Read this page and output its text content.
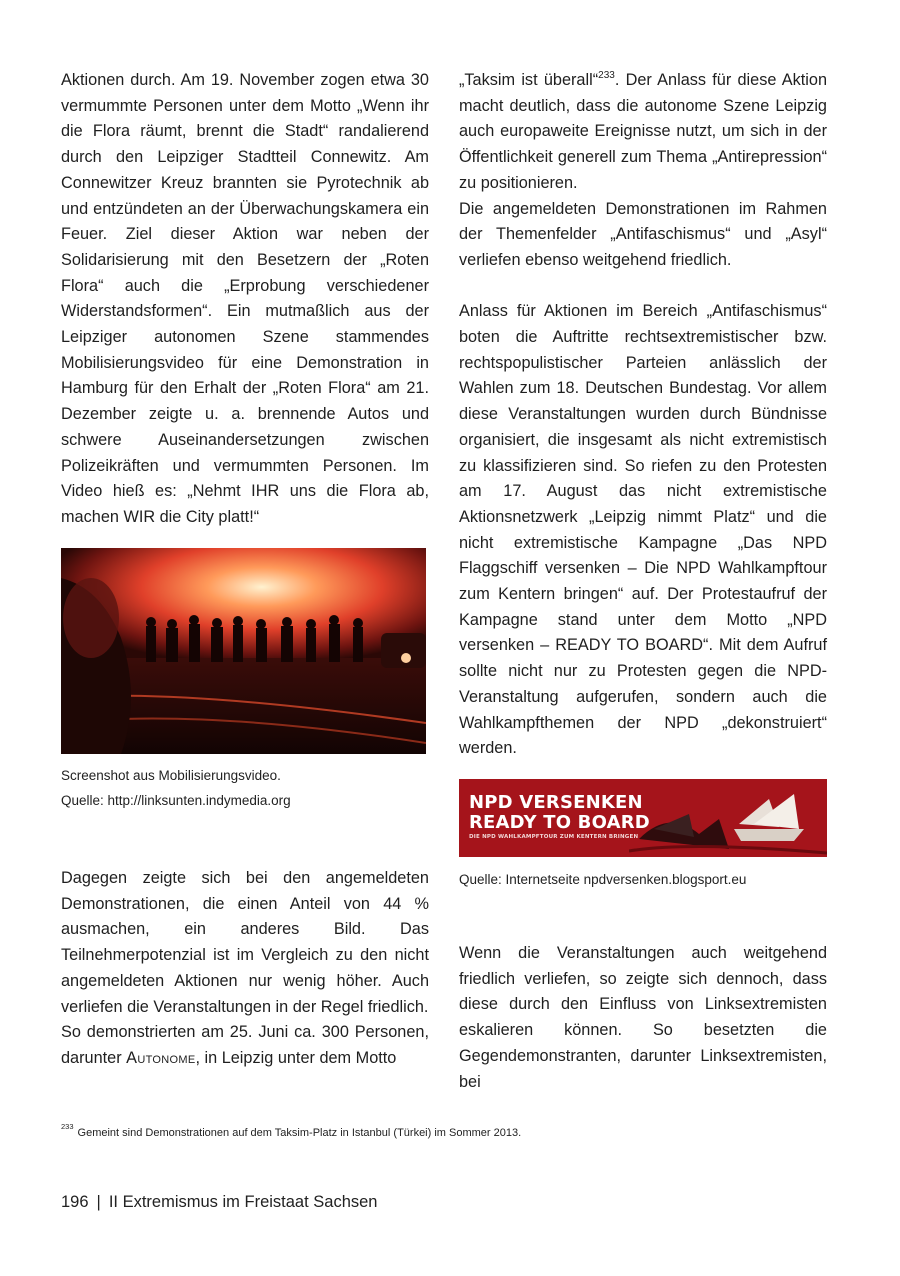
Aktionen durch. Am 19. November zogen etwa 30 vermummte Personen unter dem Motto „Wenn ihr die Flora räumt, brennt die Stadt“ randalierend durch den Leipziger Stadtteil Connewitz. Am Connewitzer Kreuz brannten sie Pyrotechnik ab und entzündeten an der Überwachungskamera ein Feuer. Ziel dieser Aktion war neben der Solidarisierung mit den Besetzern der „Roten Flora“ auch die „Erprobung verschiedener Widerstandsformen“. Ein mutmaßlich aus der Leipziger autonomen Szene stammendes Mobilisierungsvideo für eine Demonstration in Hamburg für den Erhalt der „Roten Flora“ am 21. Dezember zeigte u. a. brennende Autos und schwere Auseinandersetzungen zwischen Polizeikräften und vermummten Personen. Im Video hieß es: „Nehmt IHR uns die Flora ab, machen WIR die City platt!“

Screenshot aus Mobilisierungsvideo.

Quelle: http://linksunten.indymedia.org

Dagegen zeigte sich bei den angemeldeten Demonstrationen, die einen Anteil von 44 % ausmachen, ein anderes Bild. Das Teilnehmerpotenzial ist im Vergleich zu den nicht angemeldeten Aktionen nur wenig höher. Auch verliefen die Veranstaltungen in der Regel friedlich.

So demonstrierten am 25. Juni ca. 300 Personen, darunter Autonome, in Leipzig unter dem Motto

„Taksim ist überall“$^{233}$. Der Anlass für diese Aktion macht deutlich, dass die autonome Szene Leipzig auch europaweite Ereignisse nutzt, um sich in der Öffentlichkeit generell zum Thema „Antirepression“ zu positionieren.

Die angemeldeten Demonstrationen im Rahmen der Themenfelder „Antifaschismus“ und „Asyl“ verliefen ebenso weitgehend friedlich.

Anlass für Aktionen im Bereich „Antifaschismus“ boten die Auftritte rechtsextremistischer bzw. rechtspopulistischer Parteien anlässlich der Wahlen zum 18. Deutschen Bundestag. Vor allem diese Veranstaltungen wurden durch Bündnisse organisiert, die insgesamt als nicht extremistisch zu klassifizieren sind. So riefen zu den Protesten am 17. August das nicht extremistische Aktionsnetzwerk „Leipzig nimmt Platz“ und die nicht extremistische Kampagne „Das NPD Flaggschiff versenken – Die NPD Wahlkampftour zum Kentern bringen“ auf. Der Protestaufruf der Kampagne stand unter dem Motto „NPD versenken – READY TO BOARD“. Mit dem Aufruf sollte nicht nur zu Protesten gegen die NPD-Veranstaltung aufgerufen, sondern auch die Wahlkampfthemen der NPD „dekonstruiert“ werden.

NPD VERSENKEN
READY TO BOARD
DIE NPD WAHLKAMPFTOUR ZUM KENTERN BRINGEN

Quelle: Internetseite npdversenken.blogsport.eu

Wenn die Veranstaltungen auch weitgehend friedlich verliefen, so zeigte sich dennoch, dass diese durch den Einfluss von Linksextremisten eskalieren können. So besetzten die Gegendemonstranten, darunter Linksextremisten, bei

$^{233}$Gemeint sind Demonstrationen auf dem Taksim-Platz in Istanbul (Türkei) im Sommer 2013.
196 | II Extremismus im Freistaat Sachsen
